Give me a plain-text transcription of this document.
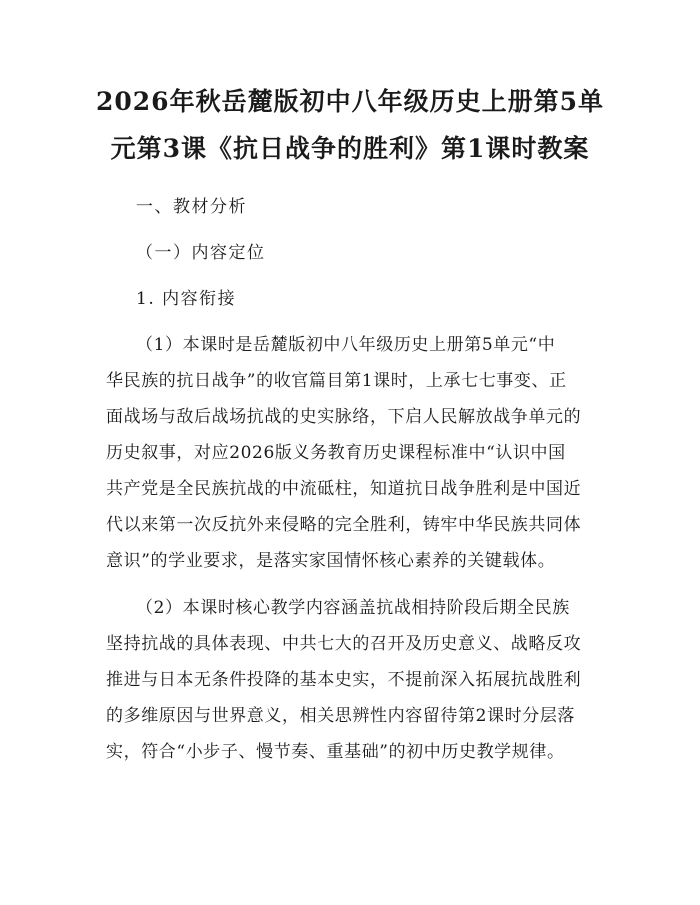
2026年秋岳麓版初中八年级历史上册第5单
元第3课《抗日战争的胜利》第1课时教案
一、教材分析
（一）内容定位
1. 内容衔接
（1）本课时是岳麓版初中八年级历史上册第5单元“中
华民族的抗日战争”的收官篇目第1课时，上承七七事变、正
面战场与敌后战场抗战的史实脉络，下启人民解放战争单元的
历史叙事，对应2026版义务教育历史课程标准中“认识中国
共产党是全民族抗战的中流砥柱，知道抗日战争胜利是中国近
代以来第一次反抗外来侵略的完全胜利，铸牢中华民族共同体
意识”的学业要求，是落实家国情怀核心素养的关键载体。
（2）本课时核心教学内容涵盖抗战相持阶段后期全民族
坚持抗战的具体表现、中共七大的召开及历史意义、战略反攻
推进与日本无条件投降的基本史实，不提前深入拓展抗战胜利
的多维原因与世界意义，相关思辨性内容留待第2课时分层落
实，符合“小步子、慢节奏、重基础”的初中历史教学规律。
